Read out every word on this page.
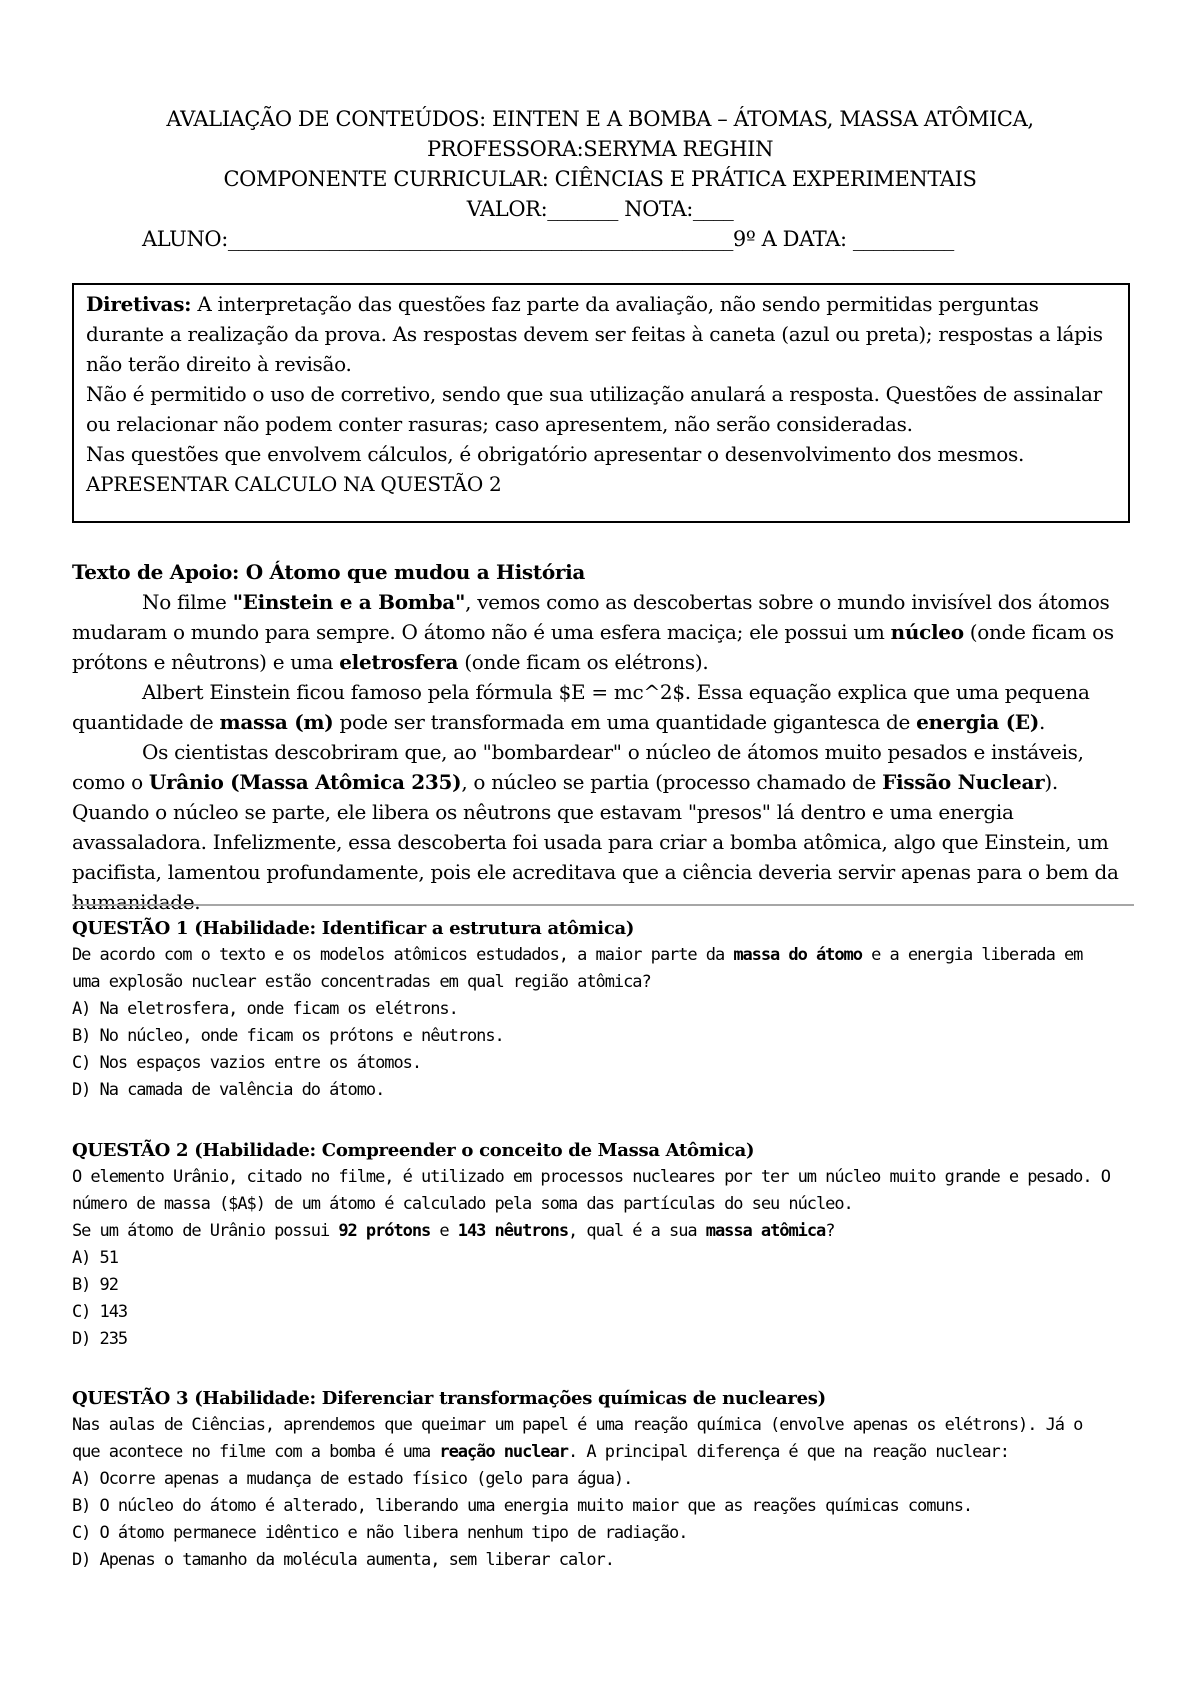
AVALIAÇÃO DE CONTEÚDOS: EINTEN E A BOMBA – ÁTOMAS, MASSA ATÔMICA,
PROFESSORA:SERYMA REGHIN
COMPONENTE CURRICULAR: CIÊNCIAS E PRÁTICA EXPERIMENTAIS
VALOR:_______ NOTA:____
ALUNO:__________________________________________________9º A DATA: __________

Diretivas: A interpretação das questões faz parte da avaliação, não sendo permitidas perguntas durante a realização da prova. As respostas devem ser feitas à caneta (azul ou preta); respostas a lápis não terão direito à revisão.

Não é permitido o uso de corretivo, sendo que sua utilização anulará a resposta. Questões de assinalar ou relacionar não podem conter rasuras; caso apresentem, não serão consideradas.

Nas questões que envolvem cálculos, é obrigatório apresentar o desenvolvimento dos mesmos.

APRESENTAR CALCULO NA QUESTÃO 2

Texto de Apoio: O Átomo que mudou a História

No filme "Einstein e a Bomba", vemos como as descobertas sobre o mundo invisível dos átomos mudaram o mundo para sempre. O átomo não é uma esfera maciça; ele possui um núcleo (onde ficam os prótons e nêutrons) e uma eletrosfera (onde ficam os elétrons).

Albert Einstein ficou famoso pela fórmula $E = mc^2$. Essa equação explica que uma pequena quantidade de massa (m) pode ser transformada em uma quantidade gigantesca de energia (E).

Os cientistas descobriram que, ao "bombardear" o núcleo de átomos muito pesados e instáveis, como o Urânio (Massa Atômica 235), o núcleo se partia (processo chamado de Fissão Nuclear). Quando o núcleo se parte, ele libera os nêutrons que estavam "presos" lá dentro e uma energia avassaladora. Infelizmente, essa descoberta foi usada para criar a bomba atômica, algo que Einstein, um pacifista, lamentou profundamente, pois ele acreditava que a ciência deveria servir apenas para o bem da humanidade.

QUESTÃO 1 (Habilidade: Identificar a estrutura atômica)

De acordo com o texto e os modelos atômicos estudados, a maior parte da massa do átomo e a energia liberada em

uma explosão nuclear estão concentradas em qual região atômica?

A) Na eletrosfera, onde ficam os elétrons.

B) No núcleo, onde ficam os prótons e nêutrons.

C) Nos espaços vazios entre os átomos.

D) Na camada de valência do átomo.

QUESTÃO 2 (Habilidade: Compreender o conceito de Massa Atômica)

O elemento Urânio, citado no filme, é utilizado em processos nucleares por ter um núcleo muito grande e pesado. O

número de massa ($A$) de um átomo é calculado pela soma das partículas do seu núcleo.

Se um átomo de Urânio possui 92 prótons e 143 nêutrons, qual é a sua massa atômica?

A) 51

B) 92

C) 143

D) 235

QUESTÃO 3 (Habilidade: Diferenciar transformações químicas de nucleares)

Nas aulas de Ciências, aprendemos que queimar um papel é uma reação química (envolve apenas os elétrons). Já o

que acontece no filme com a bomba é uma reação nuclear. A principal diferença é que na reação nuclear:

A) Ocorre apenas a mudança de estado físico (gelo para água).

B) O núcleo do átomo é alterado, liberando uma energia muito maior que as reações químicas comuns.

C) O átomo permanece idêntico e não libera nenhum tipo de radiação.

D) Apenas o tamanho da molécula aumenta, sem liberar calor.
